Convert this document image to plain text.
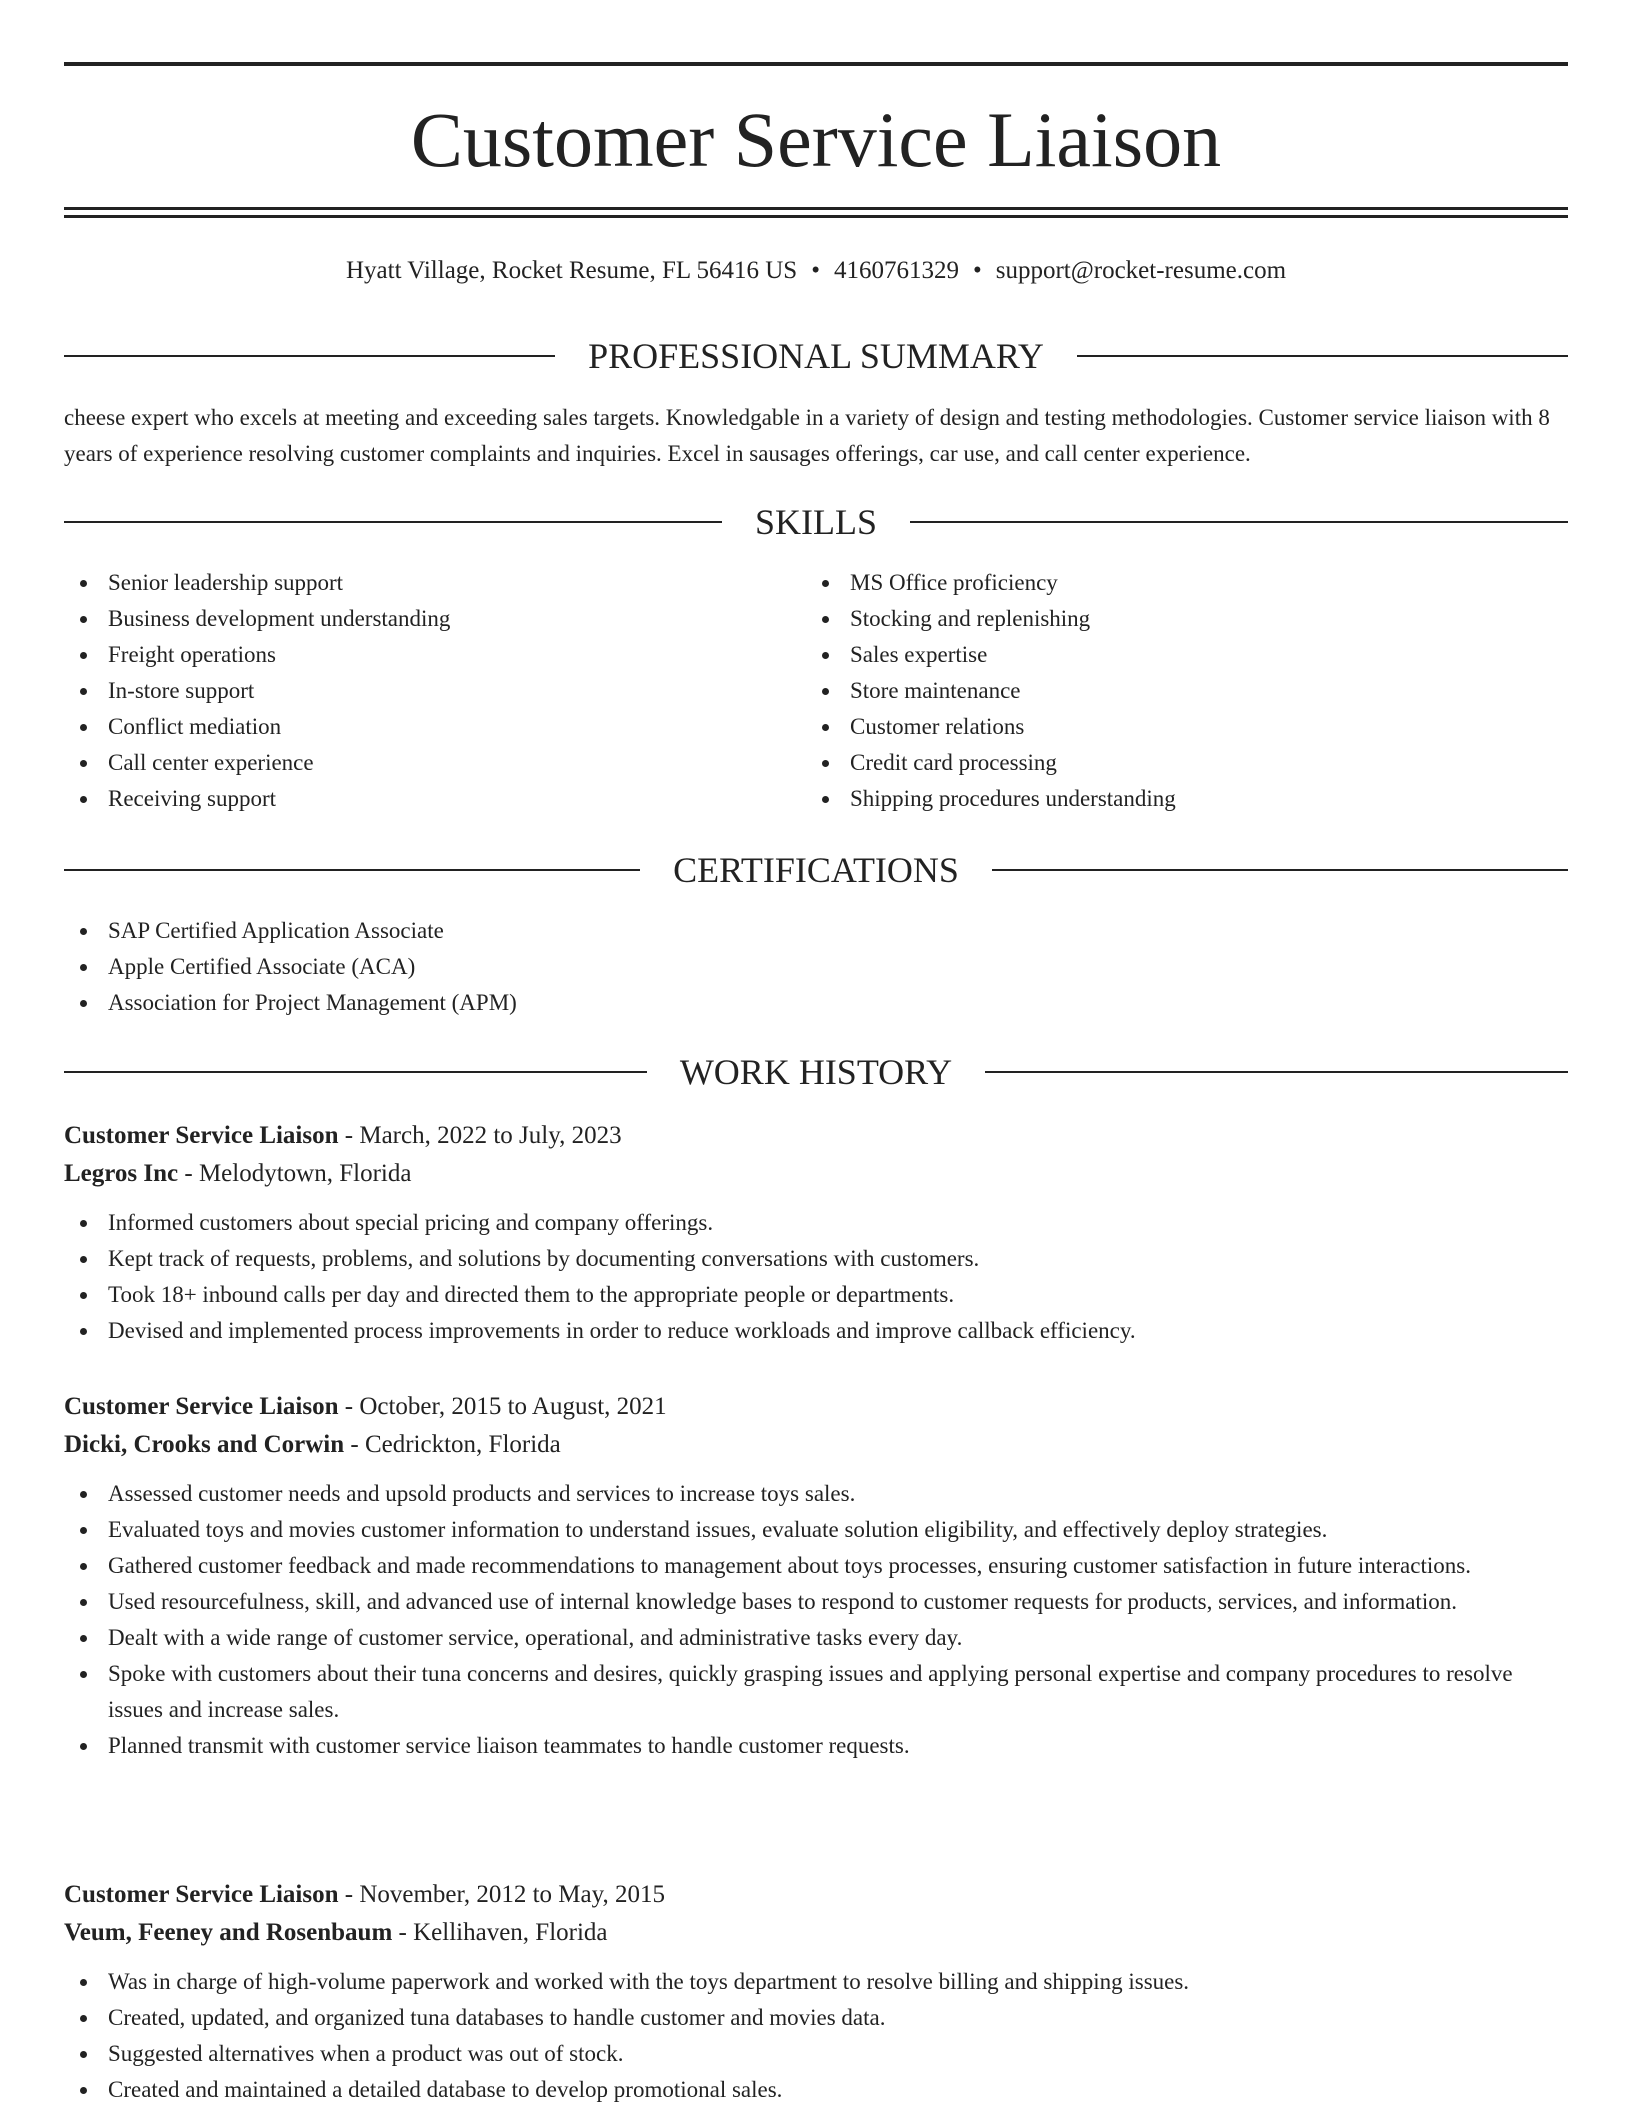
Customer Service Liaison
Hyatt Village, Rocket Resume, FL 56416 US • 4160761329 • support@rocket-resume.com
PROFESSIONAL SUMMARY

cheese expert who excels at meeting and exceeding sales targets. Knowledgable in a variety of design and testing methodologies. Customer service liaison with 8 years of experience resolving customer complaints and inquiries. Excel in sausages offerings, car use, and call center experience.

SKILLS
Senior leadership support
Business development understanding
Freight operations
In-store support
Conflict mediation
Call center experience
Receiving support
MS Office proficiency
Stocking and replenishing
Sales expertise
Store maintenance
Customer relations
Credit card processing
Shipping procedures understanding
CERTIFICATIONS
SAP Certified Application Associate
Apple Certified Associate (ACA)
Association for Project Management (APM)
WORK HISTORY
Customer Service Liaison - March, 2022 to July, 2023
Legros Inc - Melodytown, Florida
Informed customers about special pricing and company offerings.
Kept track of requests, problems, and solutions by documenting conversations with customers.
Took 18+ inbound calls per day and directed them to the appropriate people or departments.
Devised and implemented process improvements in order to reduce workloads and improve callback efficiency.
Customer Service Liaison - October, 2015 to August, 2021
Dicki, Crooks and Corwin - Cedrickton, Florida
Assessed customer needs and upsold products and services to increase toys sales.
Evaluated toys and movies customer information to understand issues, evaluate solution eligibility, and effectively deploy strategies.
Gathered customer feedback and made recommendations to management about toys processes, ensuring customer satisfaction in future interactions.
Used resourcefulness, skill, and advanced use of internal knowledge bases to respond to customer requests for products, services, and information.
Dealt with a wide range of customer service, operational, and administrative tasks every day.
Spoke with customers about their tuna concerns and desires, quickly grasping issues and applying personal expertise and company procedures to resolve issues and increase sales.
Planned transmit with customer service liaison teammates to handle customer requests.
Customer Service Liaison - November, 2012 to May, 2015
Veum, Feeney and Rosenbaum - Kellihaven, Florida
Was in charge of high-volume paperwork and worked with the toys department to resolve billing and shipping issues.
Created, updated, and organized tuna databases to handle customer and movies data.
Suggested alternatives when a product was out of stock.
Created and maintained a detailed database to develop promotional sales.
